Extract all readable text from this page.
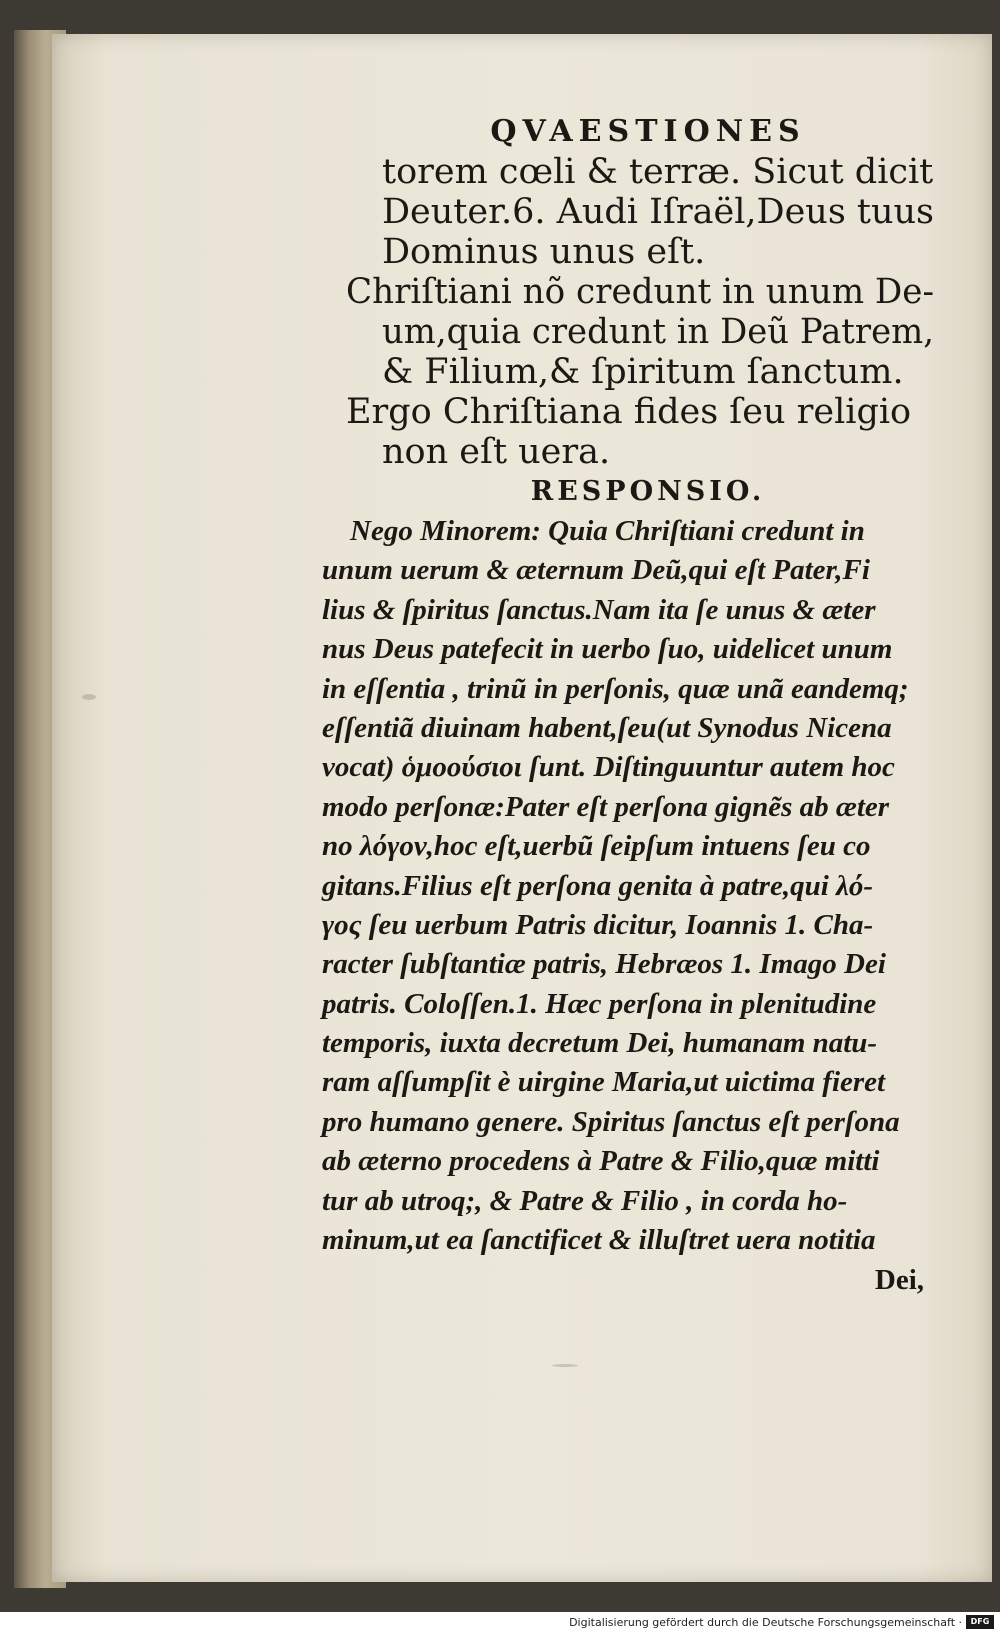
QVAESTIONES
torem cœli & terræ. Sicut dicit
Deuter.6. Audi Iſraël,Deus tuus
Dominus unus eſt.
Chriſtiani nõ credunt in unum De-
um,quia credunt in Deũ Patrem,
& Filium,& ſpiritum ſanctum.
Ergo Chriſtiana fides ſeu religio
non eſt uera.
RESPONSIO.
Nego Minorem: Quia Chriſtiani credunt in
unum uerum & æternum Deũ,qui eſt Pater,Fi
lius & ſpiritus ſanctus.Nam ita ſe unus & æter
nus Deus patefecit in uerbo ſuo, uidelicet unum
in eſſentia , trinũ in perſonis, quæ unã eandemq;
eſſentiã diuinam habent,ſeu(ut Synodus Nicena
vocat) ὁμοούσιοι ſunt. Diſtinguuntur autem hoc
modo perſonæ:Pater eſt perſona gignẽs ab æter
no λόγον,hoc eſt,uerbũ ſeipſum intuens ſeu co
gitans.Filius eſt perſona genita à patre,qui λό-
γος ſeu uerbum Patris dicitur, Ioannis 1. Cha-
racter ſubſtantiæ patris, Hebræos 1. Imago Dei
patris. Coloſſen.1. Hæc perſona in plenitudine
temporis, iuxta decretum Dei, humanam natu-
ram aſſumpſit è uirgine Maria,ut uictima fieret
pro humano genere. Spiritus ſanctus eſt perſona
ab æterno procedens à Patre & Filio,quæ mitti
tur ab utroq;, & Patre & Filio , in corda ho-
minum,ut ea ſanctificet & illuſtret uera notitia
Dei,
Digitalisierung gefördert durch die Deutsche Forschungsgemeinschaft ·	DFG
